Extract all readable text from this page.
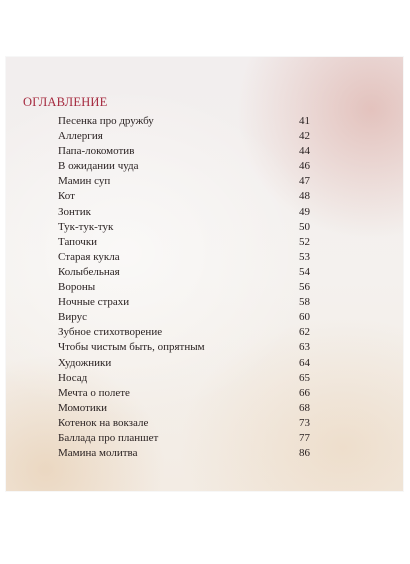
ОГЛАВЛЕНИЕ
Песенка про дружбу	41
Аллергия	42
Папа-локомотив	44
В ожидании чуда	46
Мамин суп	47
Кот	48
Зонтик	49
Тук-тук-тук	50
Тапочки	52
Старая кукла	53
Колыбельная	54
Вороны	56
Ночные страхи	58
Вирус	60
Зубное стихотворение	62
Чтобы чистым быть, опрятным	63
Художники	64
Носад	65
Мечта о полете	66
Момотики	68
Котенок на вокзале	73
Баллада про планшет	77
Мамина молитва	86
